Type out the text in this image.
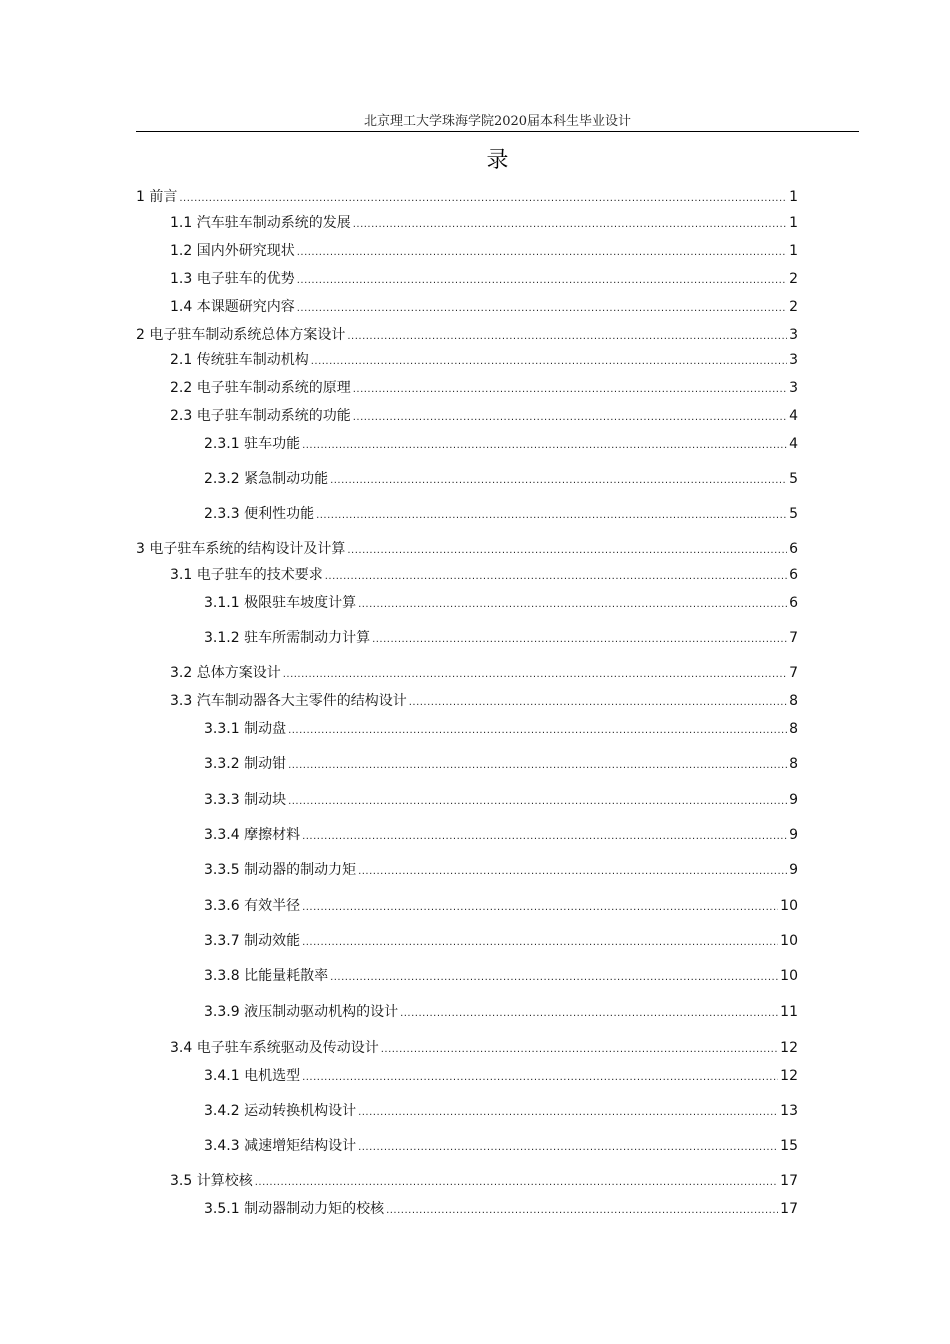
北京理工大学珠海学院2020届本科生毕业设计
录
1 前言 .....	1
1.1 汽车驻车制动系统的发展 .....	1
1.2 国内外研究现状 .....	1
1.3 电子驻车的优势 .....	2
1.4 本课题研究内容 .....	2
2 电子驻车制动系统总体方案设计 .....	3
2.1 传统驻车制动机构 .....	3
2.2 电子驻车制动系统的原理 .....	3
2.3 电子驻车制动系统的功能 .....	4
2.3.1 驻车功能 .....	4
2.3.2 紧急制动功能 .....	5
2.3.3 便利性功能 .....	5
3 电子驻车系统的结构设计及计算 .....	6
3.1 电子驻车的技术要求 .....	6
3.1.1 极限驻车坡度计算 .....	6
3.1.2 驻车所需制动力计算 .....	7
3.2 总体方案设计 .....	7
3.3 汽车制动器各大主零件的结构设计 .....	8
3.3.1 制动盘 .....	8
3.3.2 制动钳 .....	8
3.3.3 制动块 .....	9
3.3.4 摩擦材料 .....	9
3.3.5 制动器的制动力矩 .....	9
3.3.6 有效半径 .....	10
3.3.7 制动效能 .....	10
3.3.8 比能量耗散率 .....	10
3.3.9 液压制动驱动机构的设计 .....	11
3.4 电子驻车系统驱动及传动设计 .....	12
3.4.1 电机选型 .....	12
3.4.2 运动转换机构设计 .....	13
3.4.3 减速增矩结构设计 .....	15
3.5 计算校核 .....	17
3.5.1 制动器制动力矩的校核 .....	17
